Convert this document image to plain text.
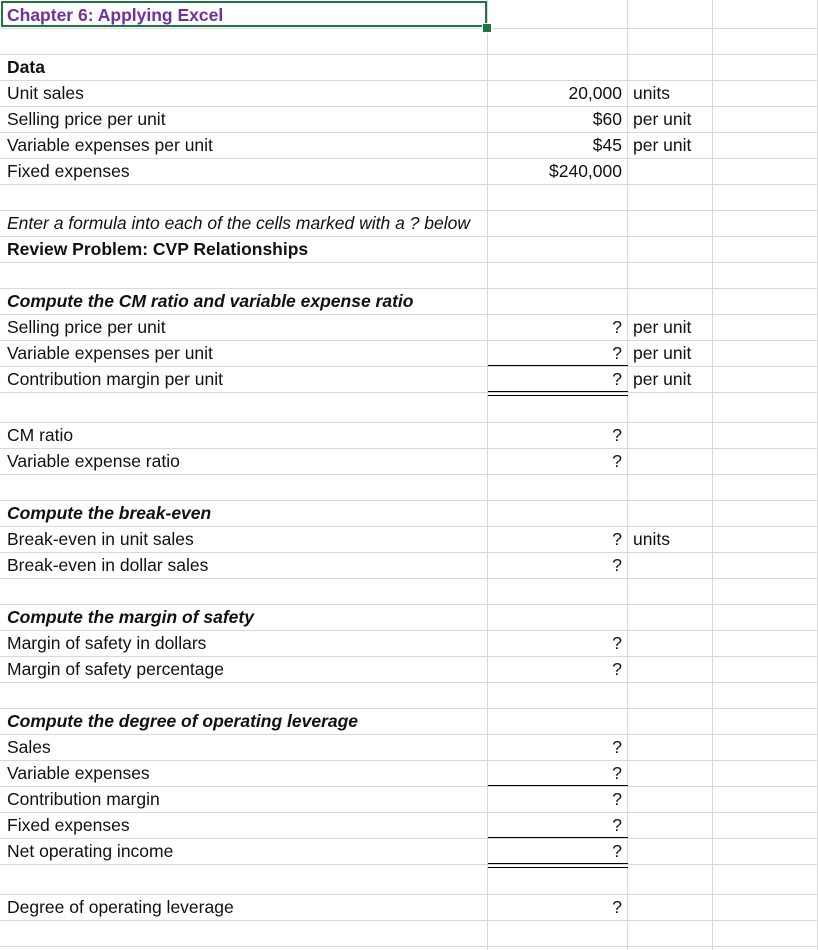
Chapter 6: Applying Excel
Data
Unit sales	20,000 units
Selling price per unit	$60 per unit
Variable expenses per unit	$45 per unit
Fixed expenses	$240,000
Enter a formula into each of the cells marked with a ? below
Review Problem: CVP Relationships
Compute the CM ratio and variable expense ratio
Selling price per unit	? per unit
Variable expenses per unit	? per unit
Contribution margin per unit	? per unit
CM ratio	?
Variable expense ratio	?
Compute the break-even
Break-even in unit sales	? units
Break-even in dollar sales	?
Compute the margin of safety
Margin of safety in dollars	?
Margin of safety percentage	?
Compute the degree of operating leverage
Sales	?
Variable expenses	?
Contribution margin	?
Fixed expenses	?
Net operating income	?
Degree of operating leverage	?
